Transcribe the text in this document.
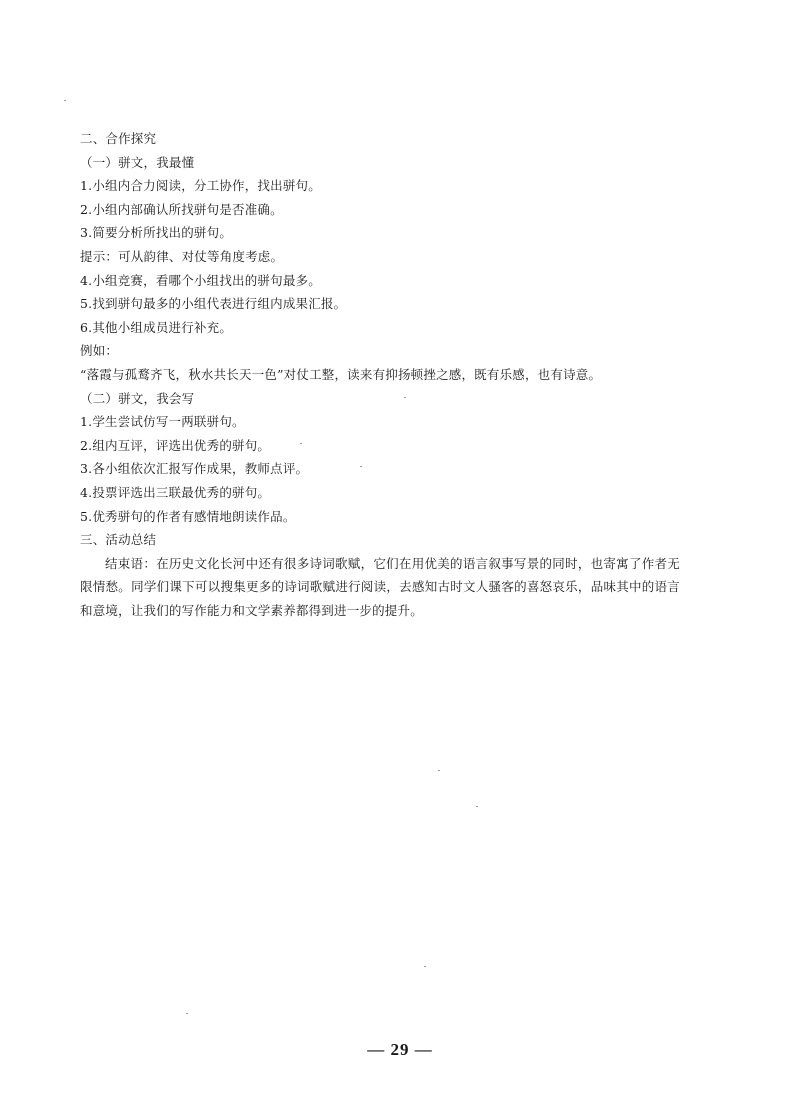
二、合作探究
（一）骈文，我最懂
1.小组内合力阅读，分工协作，找出骈句。
2.小组内部确认所找骈句是否准确。
3.简要分析所找出的骈句。
提示：可从韵律、对仗等角度考虑。
4.小组竞赛，看哪个小组找出的骈句最多。
5.找到骈句最多的小组代表进行组内成果汇报。
6.其他小组成员进行补充。
例如：
“落霞与孤鹜齐飞，秋水共长天一色”对仗工整，读来有抑扬顿挫之感，既有乐感，也有诗意。
（二）骈文，我会写
1.学生尝试仿写一两联骈句。
2.组内互评，评选出优秀的骈句。
3.各小组依次汇报写作成果，教师点评。
4.投票评选出三联最优秀的骈句。
5.优秀骈句的作者有感情地朗读作品。
三、活动总结
结束语：在历史文化长河中还有很多诗词歌赋，它们在用优美的语言叙事写景的同时，也寄寓了作者无限情愁。同学们课下可以搜集更多的诗词歌赋进行阅读，去感知古时文人骚客的喜怒哀乐，品味其中的语言和意境，让我们的写作能力和文学素养都得到进一步的提升。
— 29 —
